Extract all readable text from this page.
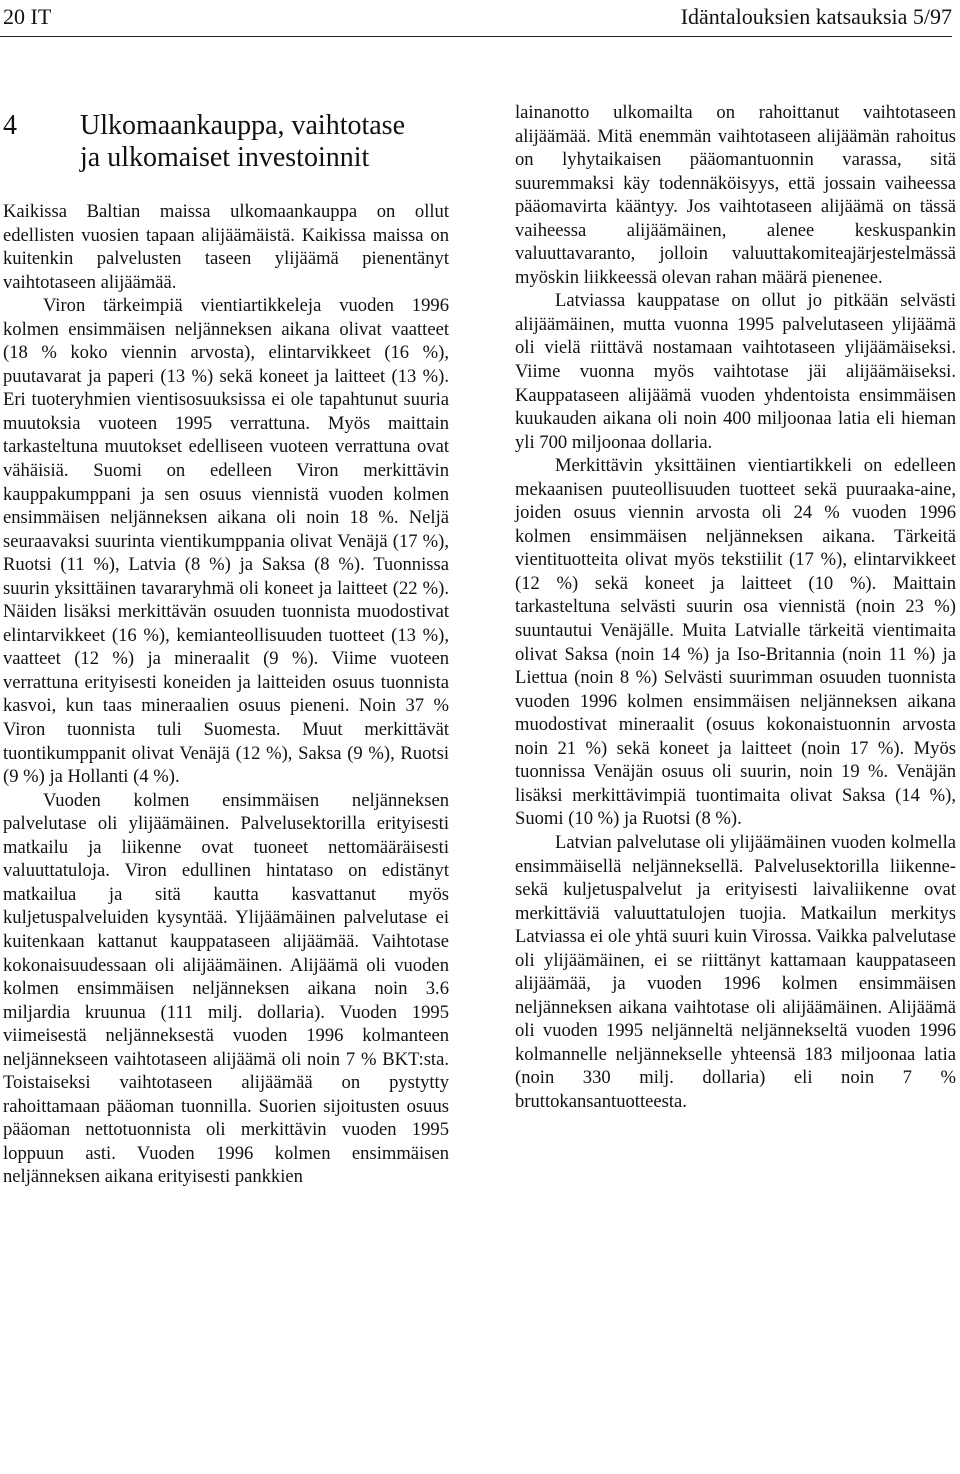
20 IT	Idäntalouksien katsauksia 5/97
4	Ulkomaankauppa, vaihtotase
ja ulkomaiset investoinnit

Kaikissa Baltian maissa ulkomaankauppa on ollut edellisten vuosien tapaan alijäämäistä. Kaikissa maissa on kuitenkin palvelusten taseen ylijäämä pienentänyt vaihtotaseen alijäämää.

Viron tärkeimpiä vientiartikkeleja vuoden 1996 kolmen ensimmäisen neljänneksen aikana olivat vaatteet (18 % koko viennin arvosta), elintarvikkeet (16 %), puutavarat ja paperi (13 %) sekä koneet ja laitteet (13 %). Eri tuoteryhmien vientisosuuksissa ei ole tapahtunut suuria muutoksia vuoteen 1995 verrattuna. Myös maittain tarkasteltuna muutokset edelliseen vuoteen verrattuna ovat vähäisiä. Suomi on edelleen Viron merkittävin kauppakumppani ja sen osuus viennistä vuoden kolmen ensimmäisen neljänneksen aikana oli noin 18 %. Neljä seuraavaksi suurinta vientikumppania olivat Venäjä (17 %), Ruotsi (11 %), Latvia (8 %) ja Saksa (8 %). Tuonnissa suurin yksittäinen tavararyhmä oli koneet ja laitteet (22 %). Näiden lisäksi merkittävän osuuden tuonnista muodostivat elintarvikkeet (16 %), kemianteollisuuden tuotteet (13 %), vaatteet (12 %) ja mineraalit (9 %). Viime vuoteen verrattuna erityisesti koneiden ja laitteiden osuus tuonnista kasvoi, kun taas mineraalien osuus pieneni. Noin 37 % Viron tuonnista tuli Suomesta. Muut merkittävät tuontikumppanit olivat Venäjä (12 %), Saksa (9 %), Ruotsi (9 %) ja Hollanti (4 %).

Vuoden kolmen ensimmäisen neljänneksen palvelutase oli ylijäämäinen. Palvelusektorilla erityisesti matkailu ja liikenne ovat tuoneet nettomääräisesti valuuttatuloja. Viron edullinen hintataso on edistänyt matkailua ja sitä kautta kasvattanut myös kuljetuspalveluiden kysyntää. Ylijäämäinen palvelutase ei kuitenkaan kattanut kauppataseen alijäämää. Vaihtotase kokonaisuudessaan oli alijäämäinen. Alijäämä oli vuoden kolmen ensimmäisen neljänneksen aikana noin 3.6 miljardia kruunua (111 milj. dollaria). Vuoden 1995 viimeisestä neljänneksestä vuoden 1996 kolmanteen neljännekseen vaihtotaseen alijäämä oli noin 7 % BKT:sta. Toistaiseksi vaihtotaseen alijäämää on pystytty rahoittamaan pääoman tuonnilla. Suorien sijoitusten osuus pääoman nettotuonnista oli merkittävin vuoden 1995 loppuun asti. Vuoden 1996 kolmen ensimmäisen neljänneksen aikana erityisesti pankkien

lainanotto ulkomailta on rahoittanut vaihtotaseen alijäämää. Mitä enemmän vaihtotaseen alijäämän rahoitus on lyhytaikaisen pääomantuonnin varassa, sitä suuremmaksi käy todennäköisyys, että jossain vaiheessa pääomavirta kääntyy. Jos vaihtotaseen alijäämä on tässä vaiheessa alijäämäinen, alenee keskuspankin valuuttavaranto, jolloin valuuttakomiteajärjestelmässä myöskin liikkeessä olevan rahan määrä pienenee.

Latviassa kauppatase on ollut jo pitkään selvästi alijäämäinen, mutta vuonna 1995 palvelutaseen ylijäämä oli vielä riittävä nostamaan vaihtotaseen ylijäämäiseksi. Viime vuonna myös vaihtotase jäi alijäämäiseksi. Kauppataseen alijäämä vuoden yhdentoista ensimmäisen kuukauden aikana oli noin 400 miljoonaa latia eli hieman yli 700 miljoonaa dollaria.

Merkittävin yksittäinen vientiartikkeli on edelleen mekaanisen puuteollisuuden tuotteet sekä puuraaka-aine, joiden osuus viennin arvosta oli 24 % vuoden 1996 kolmen ensimmäisen neljänneksen aikana. Tärkeitä vientituotteita olivat myös tekstiilit (17 %), elintarvikkeet (12 %) sekä koneet ja laitteet (10 %). Maittain tarkasteltuna selvästi suurin osa viennistä (noin 23 %) suuntautui Venäjälle. Muita Latvialle tärkeitä vientimaita olivat Saksa (noin 14 %) ja Iso-Britannia (noin 11 %) ja Liettua (noin 8 %) Selvästi suurimman osuuden tuonnista vuoden 1996 kolmen ensimmäisen neljänneksen aikana muodostivat mineraalit (osuus kokonaistuonnin arvosta noin 21 %) sekä koneet ja laitteet (noin 17 %). Myös tuonnissa Venäjän osuus oli suurin, noin 19 %. Venäjän lisäksi merkittävimpiä tuontimaita olivat Saksa (14 %), Suomi (10 %) ja Ruotsi (8 %).

Latvian palvelutase oli ylijäämäinen vuoden kolmella ensimmäisellä neljänneksellä. Palvelusektorilla liikenne- sekä kuljetuspalvelut ja erityisesti laivaliikenne ovat merkittäviä valuuttatulojen tuojia. Matkailun merkitys Latviassa ei ole yhtä suuri kuin Virossa. Vaikka palvelutase oli ylijäämäinen, ei se riittänyt kattamaan kauppataseen alijäämää, ja vuoden 1996 kolmen ensimmäisen neljänneksen aikana vaihtotase oli alijäämäinen. Alijäämä oli vuoden 1995 neljänneltä neljännekseltä vuoden 1996 kolmannelle neljännekselle yhteensä 183 miljoonaa latia (noin 330 milj. dollaria) eli noin 7 % bruttokansantuotteesta.
